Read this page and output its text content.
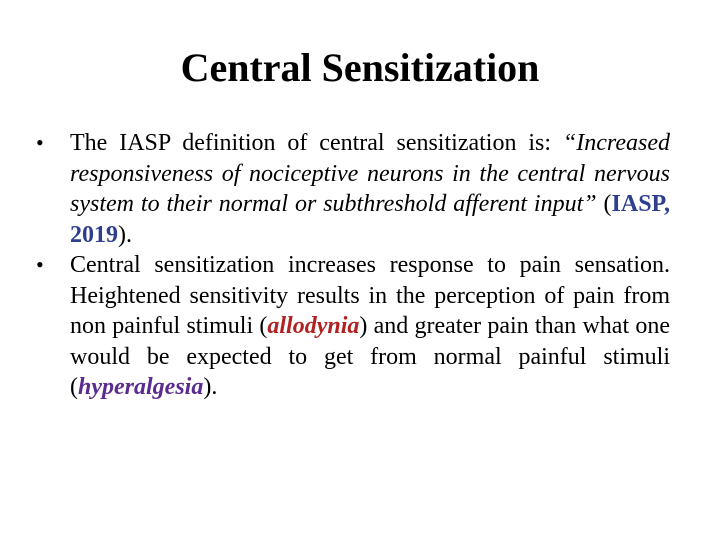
Central Sensitization
• The IASP definition of central sensitization is: “Increased responsiveness of nociceptive neurons in the central nervous system to their normal or subthreshold afferent input” (IASP, 2019).
• Central sensitization increases response to pain sensation. Heightened sensitivity results in the perception of pain from non painful stimuli (allodynia) and greater pain than what one would be expected to get from normal painful stimuli (hyperalgesia).
